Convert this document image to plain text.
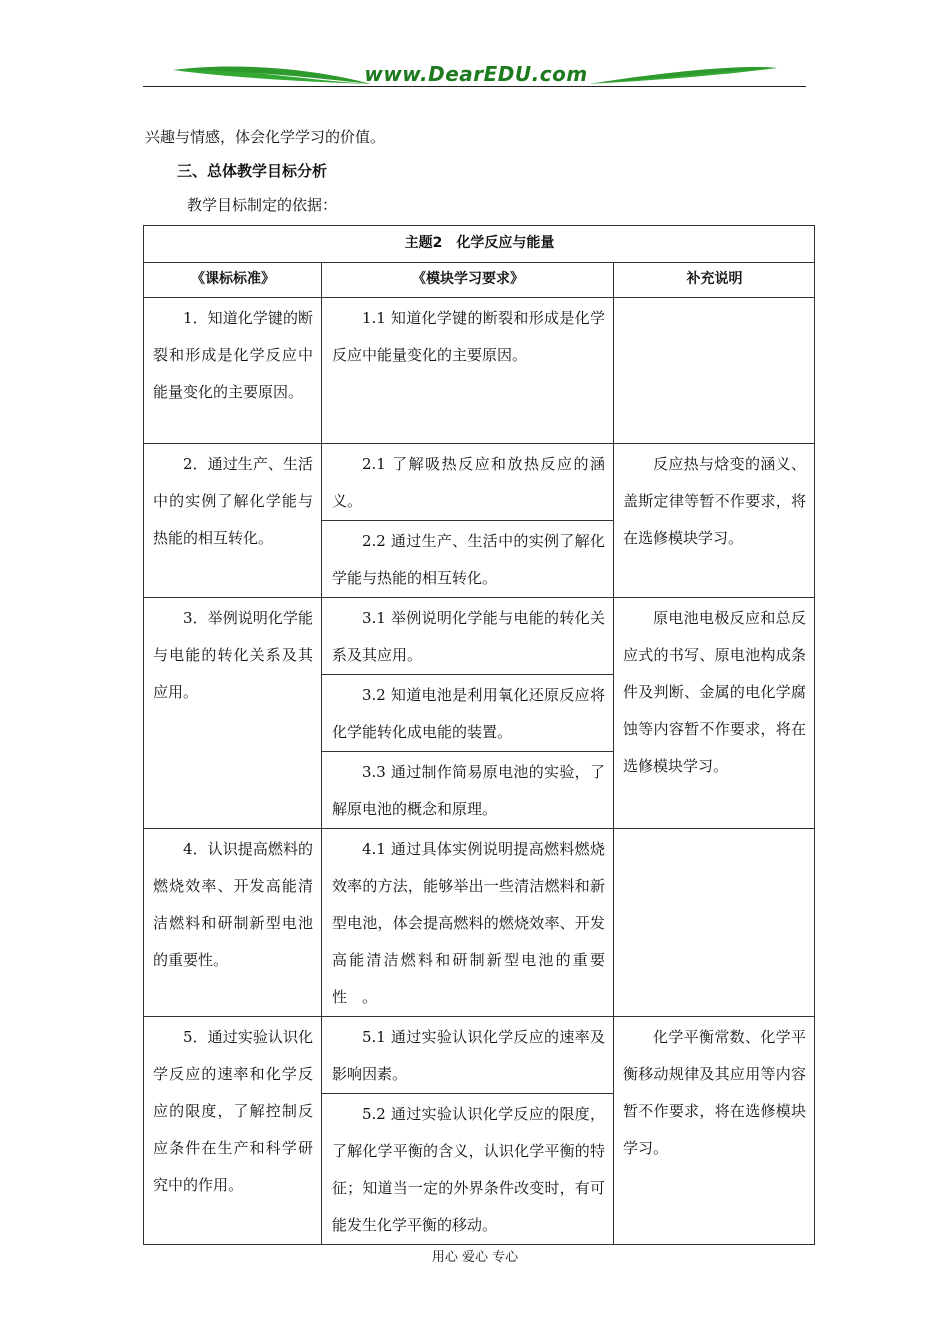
www.DearEDU.com
兴趣与情感，体会化学学习的价值。
三、总体教学目标分析
教学目标制定的依据：
主题2　化学反应与能量		
《课标标准》	《模块学习要求》	补充说明
1．知道化学键的断裂和形成是化学反应中能量变化的主要原因。	1.1 知道化学键的断裂和形成是化学反应中能量变化的主要原因。	

2．通过生产、生活中的实例了解化学能与热能的相互转化。	2.1 了解吸热反应和放热反应的涵义。
2.2 通过生产、生活中的实例了解化学能与热能的相互转化。	反应热与焓变的涵义、盖斯定律等暂不作要求，将在选修模块学习。
3．举例说明化学能与电能的转化关系及其应用。	3.1 举例说明化学能与电能的转化关系及其应用。
3.2 知道电池是利用氧化还原反应将化学能转化成电能的装置。
3.3 通过制作简易原电池的实验，了解原电池的概念和原理。	原电池电极反应和总反应式的书写、原电池构成条件及判断、金属的电化学腐蚀等内容暂不作要求，将在选修模块学习。
4．认识提高燃料的燃烧效率、开发高能清洁燃料和研制新型电池的重要性。	4.1 通过具体实例说明提高燃料燃烧效率的方法，能够举出一些清洁燃料和新型电池，体会提高燃料的燃烧效率、开发高能清洁燃料和研制新型电池的重要性　。	

5．通过实验认识化学反应的速率和化学反应的限度，了解控制反应条件在生产和科学研究中的作用。	5.1 通过实验认识化学反应的速率及影响因素。
5.2 通过实验认识化学反应的限度，了解化学平衡的含义，认识化学平衡的特征；知道当一定的外界条件改变时，有可能发生化学平衡的移动。	化学平衡常数、化学平衡移动规律及其应用等内容暂不作要求，将在选修模块学习。
用心 爱心 专心
